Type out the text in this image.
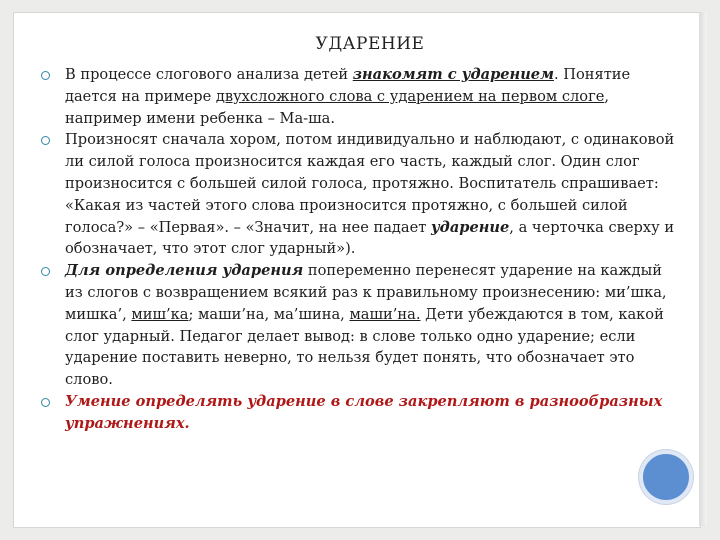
УДАРЕНИЕ
В процессе слогового анализа детей знакомят с ударением. Понятие дается на примере двухсложного слова с ударением на первом слоге, например имени ребенка – Ма-ша.
Произносят сначала хором, потом индивидуально и наблюдают, с одинаковой ли силой голоса произносится каждая его часть, каждый слог. Один слог произносится с большей силой голоса, протяжно. Воспитатель спрашивает: «Какая из частей этого слова произносится протяжно, с большей силой голоса?» – «Первая». – «Значит, на нее падает ударение, а черточка сверху и обозначает, что этот слог ударный»).
Для определения ударения попеременно перенесят ударение на каждый из слогов с возвращением всякий раз к правильному произнесению: ми’шка, мишка’, миш’ка; маши’на, ма’шина, маши’на. Дети убеждаются в том, какой слог ударный. Педагог делает вывод: в слове только одно ударение; если ударение поставить неверно, то нельзя будет понять, что обозначает это слово.
Умение определять ударение в слове закрепляют в разнообразных упражнениях.
